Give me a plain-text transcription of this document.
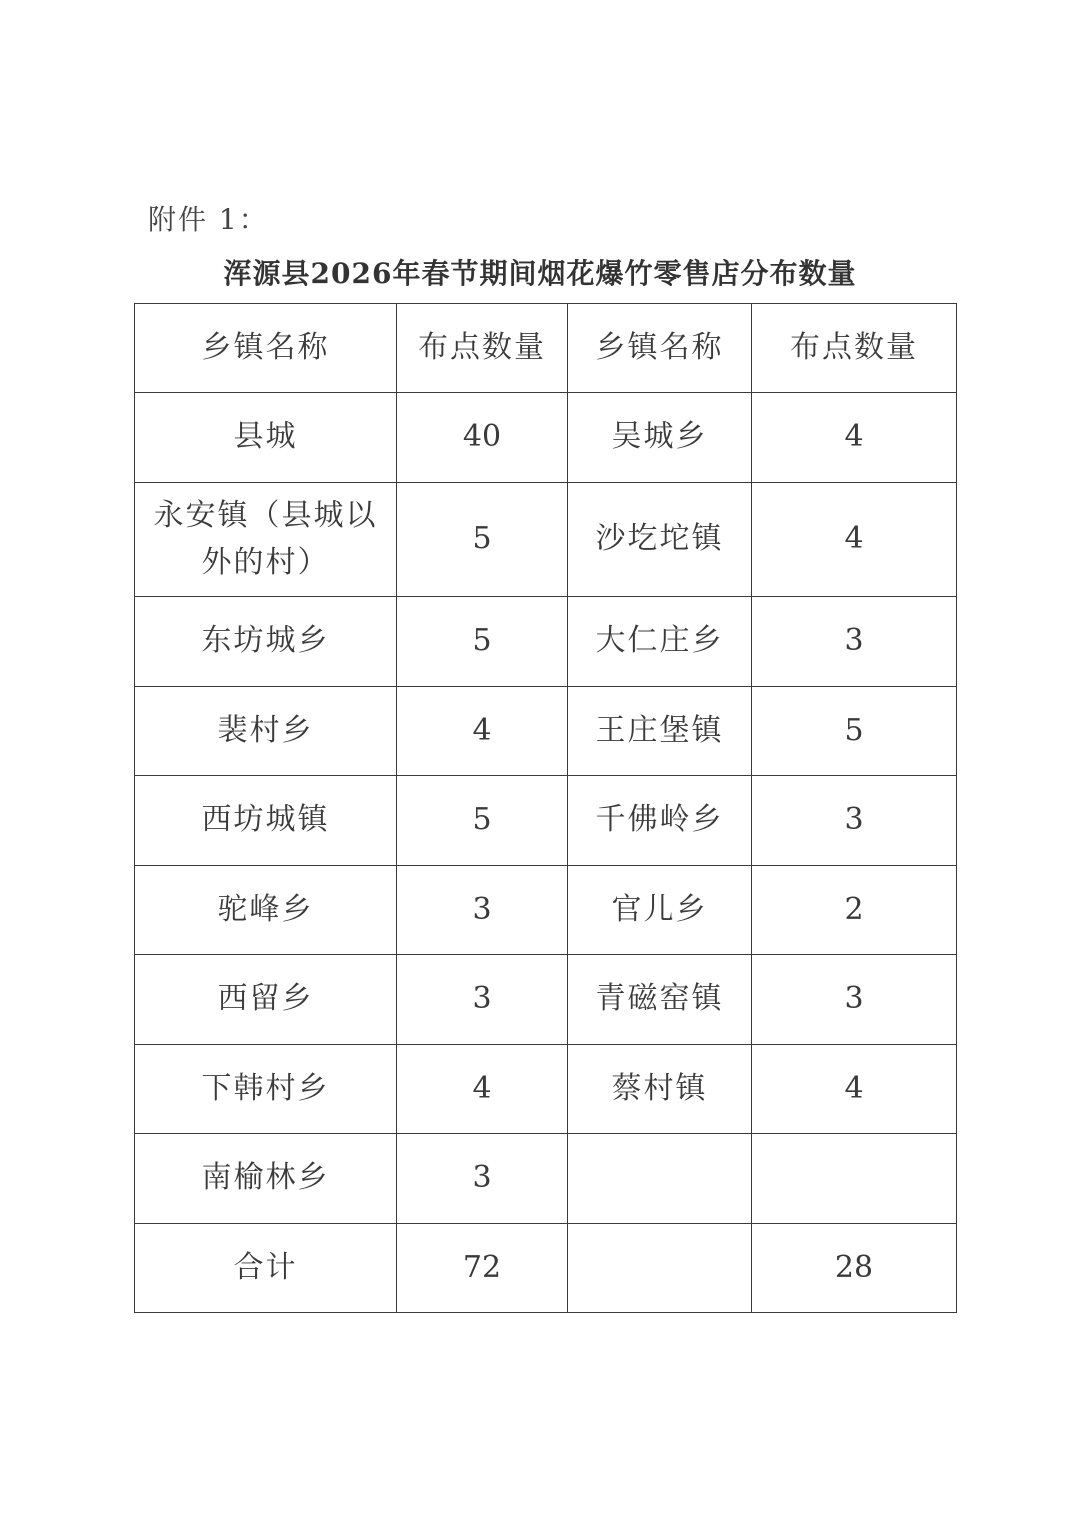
附件 1：
浑源县2026年春节期间烟花爆竹零售店分布数量
乡镇名称	布点数量	乡镇名称	布点数量
县城	40	吴城乡	4
永安镇（县城以外的村）	5	沙圪坨镇	4
东坊城乡	5	大仁庄乡	3
裴村乡	4	王庄堡镇	5
西坊城镇	5	千佛岭乡	3
驼峰乡	3	官儿乡	2
西留乡	3	青磁窑镇	3
下韩村乡	4	蔡村镇	4
南榆林乡	3		
合计	72		28
